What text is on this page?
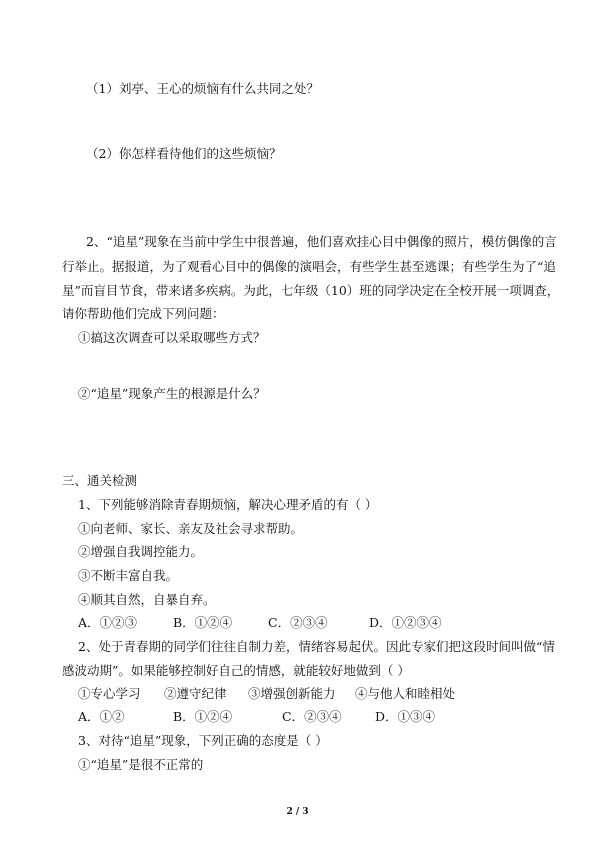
（1）刘亭、王心的烦恼有什么共同之处？

（2）你怎样看待他们的这些烦恼？

2、“追星”现象在当前中学生中很普遍，他们喜欢挂心目中偶像的照片，模仿偶像的言

行举止。据报道，为了观看心目中的偶像的演唱会，有些学生甚至逃课；有些学生为了“追

星”而盲目节食，带来诸多疾病。为此，七年级（10）班的同学决定在全校开展一项调查，

请你帮助他们完成下列问题：

①搞这次调查可以采取哪些方式？

②“追星”现象产生的根源是什么？

三、通关检测

1、下列能够消除青春期烦恼，解决心理矛盾的有（ ）

①向老师、家长、亲友及社会寻求帮助。

②增强自我调控能力。

③不断丰富自我。

④顺其自然，自暴自弃。

A．①②③	B．①②④	C．②③④	D．①②③④

2、处于青春期的同学们往往自制力差，情绪容易起伏。因此专家们把这段时间叫做“情

感波动期”。如果能够控制好自己的情感，就能较好地做到（ ）

①专心学习 ②遵守纪律 ③增强创新能力 ④与他人和睦相处
A．①②	B．①②④	C．②③④	D．①③④

3、对待“追星”现象，下列正确的态度是（ ）

①“追星”是很不正常的

2 / 3
